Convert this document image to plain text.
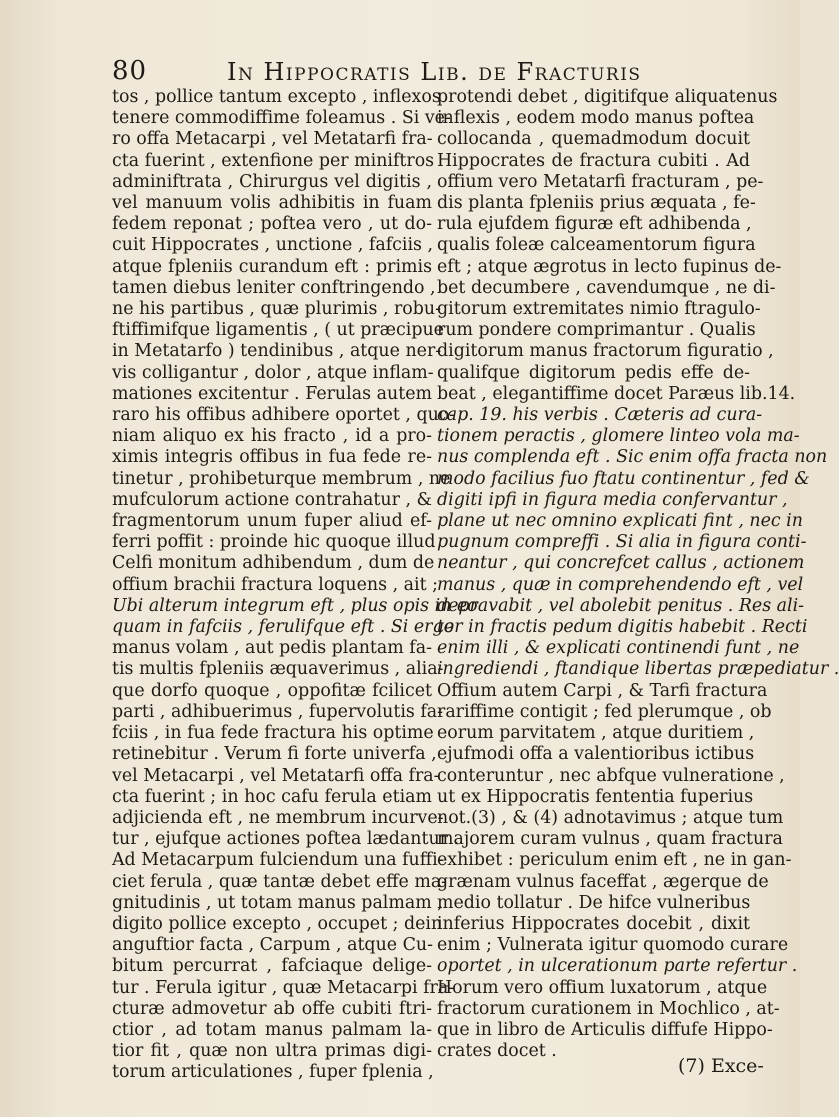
80	In Hippocratis Lib. de Fracturis
tos , pollice tantum excepto , inflexos
tenere commodiffime foleamus . Si ve-
ro offa Metacarpi , vel Metatarfi fra-
cta fuerint , extenfione per miniftros
adminiftrata , Chirurgus vel digitis ,
vel manuum volis adhibitis in fuam
fedem reponat ; poftea vero , ut do-
cuit Hippocrates , unctione , fafciis ,
atque fpleniis curandum eft : primis
tamen diebus leniter conftringendo ,
ne his partibus , quæ plurimis , robu-
ftiffimifque ligamentis , ( ut præcipue
in Metatarfo ) tendinibus , atque ner-
vis colligantur , dolor , atque inflam-
mationes excitentur . Ferulas autem
raro his offibus adhibere oportet , quo-
niam aliquo ex his fracto , id a pro-
ximis integris offibus in fua fede re-
tinetur , prohibeturque membrum , ne
mufculorum actione contrahatur , &
fragmentorum unum fuper aliud ef-
ferri poffit : proinde hic quoque illud
Celfi monitum adhibendum , dum de
offium brachii fractura loquens , ait ;
Ubi alterum integrum eft , plus opis in eo
quam in fafciis , ferulifque eft . Si ergo
manus volam , aut pedis plantam fa-
tis multis fpleniis æquaverimus , alia-
que dorfo quoque , oppofitæ fcilicet
parti , adhibuerimus , fupervolutis fa-
fciis , in fua fede fractura his optime
retinebitur . Verum fi forte univerfa ,
vel Metacarpi , vel Metatarfi offa fra-
cta fuerint ; in hoc cafu ferula etiam
adjicienda eft , ne membrum incurve-
tur , ejufque actiones poftea lædantur .
Ad Metacarpum fulciendum una fuffi-
ciet ferula , quæ tantæ debet effe ma-
gnitudinis , ut totam manus palmam ,
digito pollice excepto , occupet ; dein
anguftior facta , Carpum , atque Cu-
bitum percurrat , fafciaque delige-
tur . Ferula igitur , quæ Metacarpi fra-
cturæ admovetur ab offe cubiti ftri-
ctior , ad totam manus palmam la-
tior fit , quæ non ultra primas digi-
torum articulationes , fuper fplenia ,
protendi debet , digitifque aliquatenus
inflexis , eodem modo manus poftea
collocanda , quemadmodum docuit
Hippocrates de fractura cubiti . Ad
offium vero Metatarfi fracturam , pe-
dis planta fpleniis prius æquata , fe-
rula ejufdem figuræ eft adhibenda ,
qualis foleæ calceamentorum figura
eft ; atque ægrotus in lecto fupinus de-
bet decumbere , cavendumque , ne di-
gitorum extremitates nimio ftragulo-
rum pondere comprimantur . Qualis
digitorum manus fractorum figuratio ,
qualifque digitorum pedis effe de-
beat , elegantiffime docet Paræus lib.14.
cap. 19. his verbis . Cæteris ad cura-
tionem peractis , glomere linteo vola ma-
nus complenda eft . Sic enim offa fracta non
modo facilius fuo ftatu continentur , fed &
digiti ipfi in figura media confervantur ,
plane ut nec omnino explicati fint , nec in
pugnum compreffi . Si alia in figura conti-
neantur , qui concrefcet callus , actionem
manus , quæ in comprehendendo eft , vel
depravabit , vel abolebit penitus . Res ali-
ter in fractis pedum digitis habebit . Recti
enim illi , & explicati continendi funt , ne
ingrediendi , ftandique libertas præpediatur .
Offium autem Carpi , & Tarfi fractura
rariffime contigit ; fed plerumque , ob
eorum parvitatem , atque duritiem ,
ejufmodi offa a valentioribus ictibus
conteruntur , nec abfque vulneratione ,
ut ex Hippocratis fententia fuperius
not.(3) , & (4) adnotavimus ; atque tum
majorem curam vulnus , quam fractura
exhibet : periculum enim eft , ne in gan-
grænam vulnus faceffat , ægerque de
medio tollatur . De hifce vulneribus
inferius Hippocrates docebit , dixit
enim ; Vulnerata igitur quomodo curare
oportet , in ulcerationum parte refertur .
Horum vero offium luxatorum , atque
fractorum curationem in Mochlico , at-
que in libro de Articulis diffufe Hippo-
crates docet .
(7) Exce-
